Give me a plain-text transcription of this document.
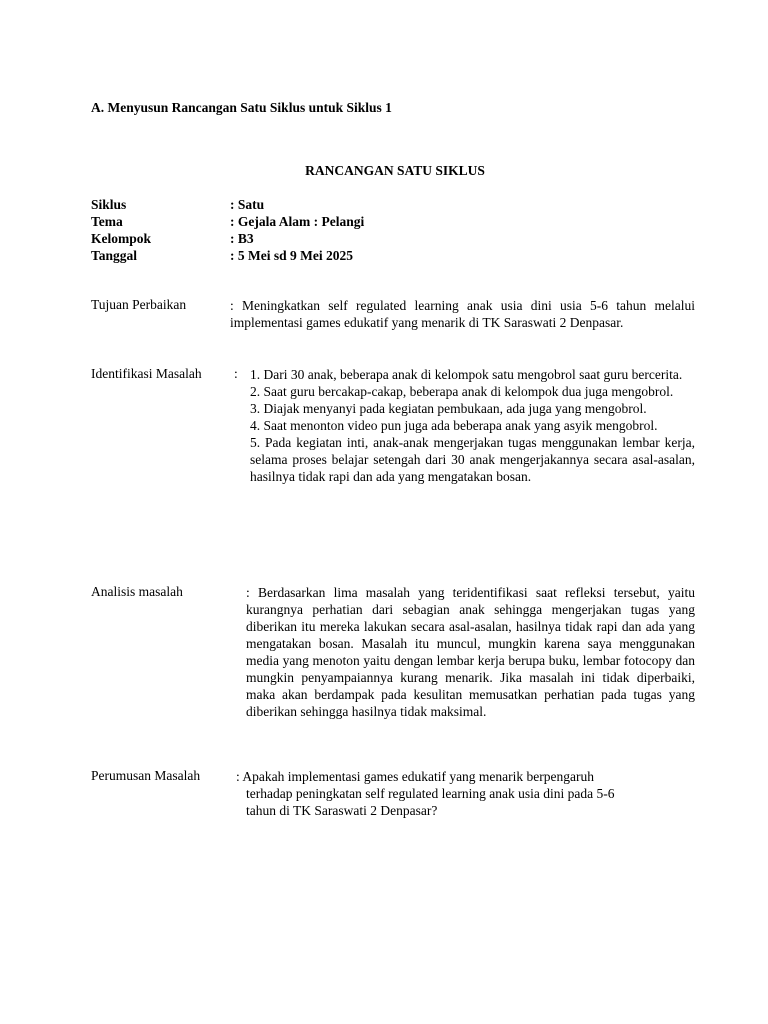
A. Menyusun Rancangan Satu Siklus untuk Siklus 1
RANCANGAN SATU SIKLUS
Siklus	: Satu
Tema	: Gejala Alam : Pelangi
Kelompok	: B3
Tanggal	: 5 Mei sd 9 Mei 2025
Tujuan Perbaikan	: Meningkatkan self regulated learning anak usia dini usia 5-6 tahun melalui implementasi games edukatif yang menarik di TK Saraswati 2 Denpasar.
Identifikasi Masalah : 1. Dari 30 anak, beberapa anak di kelompok satu mengobrol saat guru bercerita.
2. Saat guru bercakap-cakap, beberapa anak di kelompok dua juga mengobrol.
3. Diajak menyanyi pada kegiatan pembukaan, ada juga yang mengobrol.
4. Saat menonton video pun juga ada beberapa anak yang asyik mengobrol.
5. Pada kegiatan inti, anak-anak mengerjakan tugas menggunakan lembar kerja, selama proses belajar setengah dari 30 anak mengerjakannya secara asal-asalan, hasilnya tidak rapi dan ada yang mengatakan bosan.
Analisis masalah	: Berdasarkan lima masalah yang teridentifikasi saat refleksi tersebut, yaitu kurangnya perhatian dari sebagian anak sehingga mengerjakan tugas yang diberikan itu mereka lakukan secara asal-asalan, hasilnya tidak rapi dan ada yang mengatakan bosan. Masalah itu muncul, mungkin karena saya menggunakan media yang menoton yaitu dengan lembar kerja berupa buku, lembar fotocopy dan mungkin penyampaiannya kurang menarik. Jika masalah ini tidak diperbaiki, maka akan berdampak pada kesulitan memusatkan perhatian pada tugas yang diberikan sehingga hasilnya tidak maksimal.
Perumusan Masalah	: Apakah implementasi games edukatif yang menarik berpengaruh
terhadap peningkatan self regulated learning anak usia dini pada 5-6
tahun di TK Saraswati 2 Denpasar?
